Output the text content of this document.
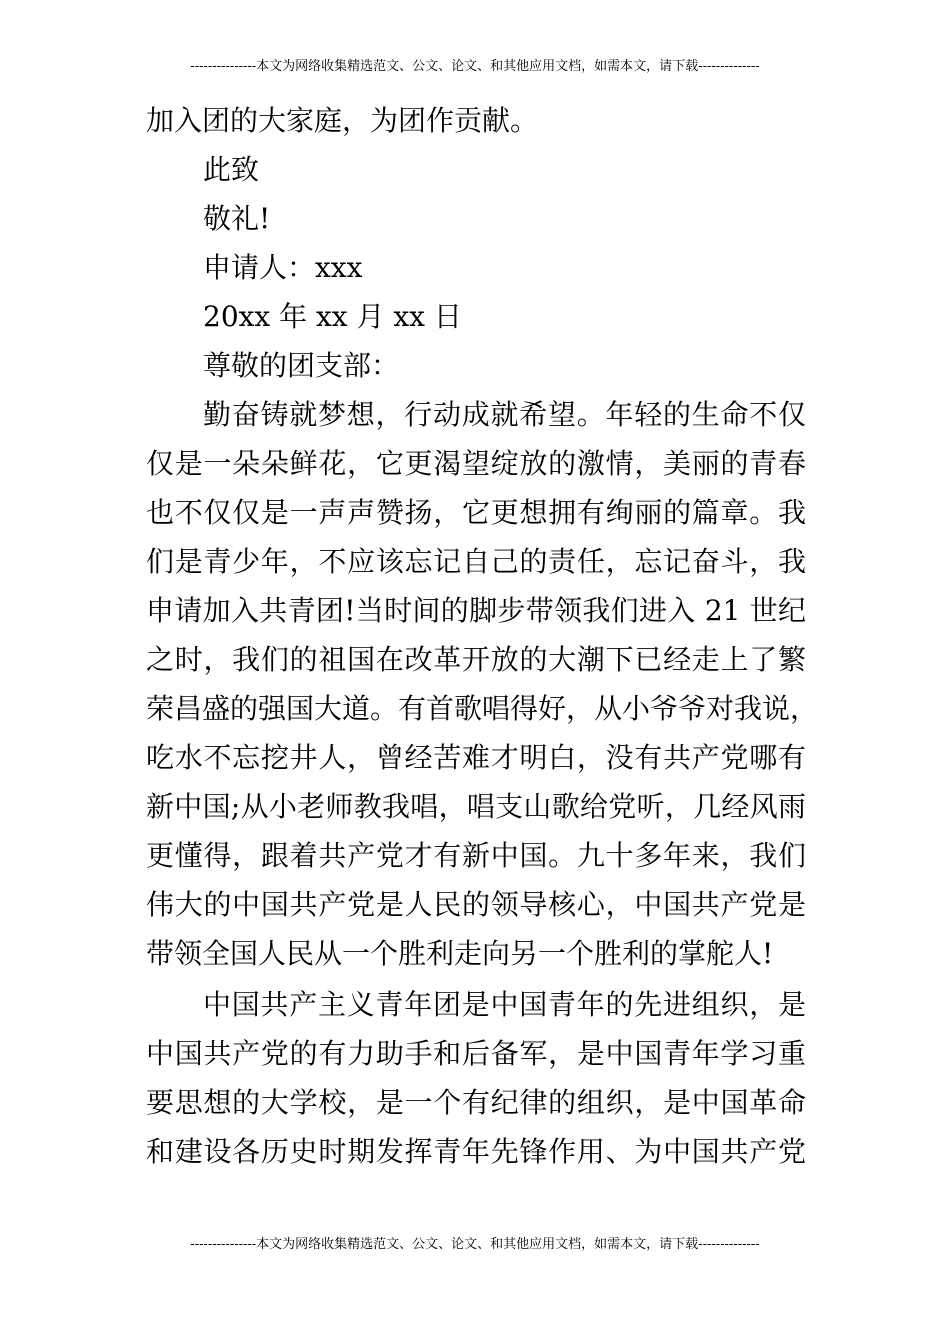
---------------本文为网络收集精选范文、公文、论文、和其他应用文档，如需本文，请下载--------------
加入团的大家庭，为团作贡献。
此致
敬礼!
申请人：xxx
20xx 年 xx 月 xx 日
尊敬的团支部：
勤奋铸就梦想，行动成就希望。年轻的生命不仅
仅是一朵朵鲜花，它更渴望绽放的激情，美丽的青春
也不仅仅是一声声赞扬，它更想拥有绚丽的篇章。我
们是青少年，不应该忘记自己的责任，忘记奋斗，我
申请加入共青团!当时间的脚步带领我们进入 21 世纪
之时，我们的祖国在改革开放的大潮下已经走上了繁
荣昌盛的强国大道。有首歌唱得好，从小爷爷对我说，
吃水不忘挖井人，曾经苦难才明白，没有共产党哪有
新中国;从小老师教我唱，唱支山歌给党听，几经风雨
更懂得，跟着共产党才有新中国。九十多年来，我们
伟大的中国共产党是人民的领导核心，中国共产党是
带领全国人民从一个胜利走向另一个胜利的掌舵人!
中国共产主义青年团是中国青年的先进组织，是
中国共产党的有力助手和后备军，是中国青年学习重
要思想的大学校，是一个有纪律的组织，是中国革命
和建设各历史时期发挥青年先锋作用、为中国共产党
---------------本文为网络收集精选范文、公文、论文、和其他应用文档，如需本文，请下载--------------
